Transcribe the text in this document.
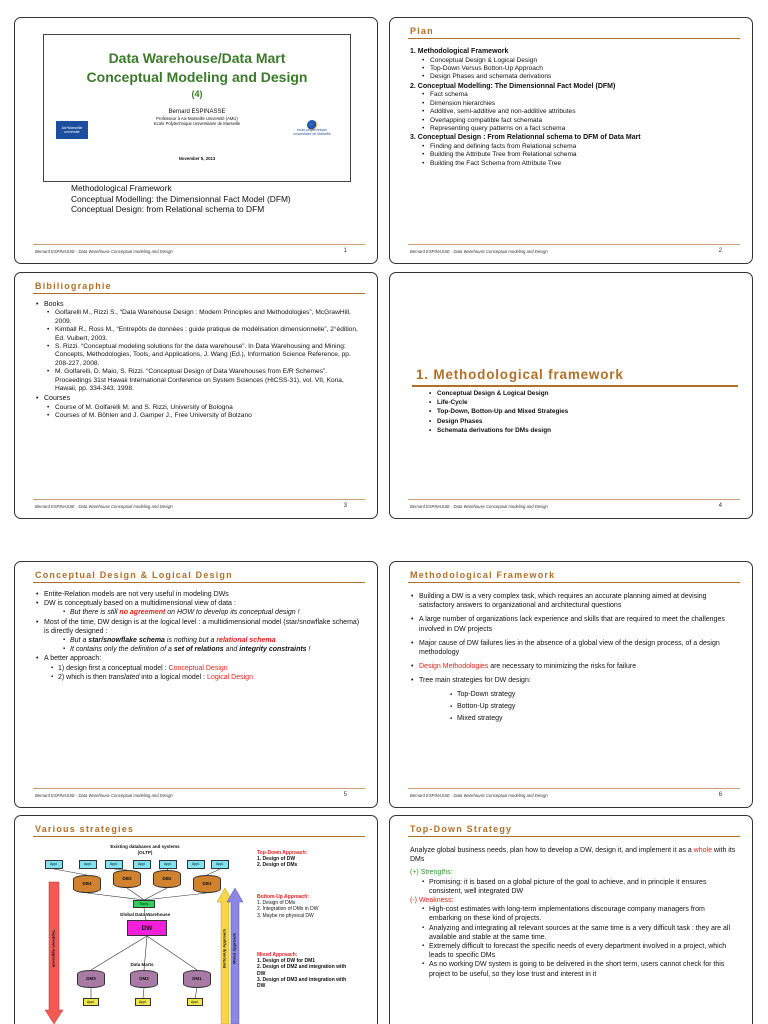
Data Warehouse/Data Mart
Conceptual Modeling and Design
(4)
Bernard ESPINASSE
Professeur à Aix-Marseille Université (AMU)
Ecole Polytechnique Universitaire de Marseille
Aix*Marseille université	école polytechnique universitaire de Marseille
November 5, 2013
Methodological Framework
Conceptual Modelling: the Dimensionnal Fact Model (DFM)
Conceptual Design: from Relational schema to DFM
Bernard ESPINASSE - Data Warehouse Conceptual modeling and Design	1
Plan
1. Methodological Framework
• Conceptual Design & Logical Design
• Top-Down Versus Botton-Up Approach
• Design Phases and schemata derivations
2. Conceptual Modelling: The Dimensionnal Fact Model (DFM)
• Fact schema
• Dimension hierarchies
• Additive, semi-additive and non-additive attributes
• Overlapping compatible fact schemata
• Representing query patterns on a fact schema
3. Conceptual Design : From Relationnal schema to DFM of Data Mart
• Finding and defining facts from Relational schema
• Building the Attribute Tree from Relational schema
• Building the Fact Schema from Attribute Tree
Bernard ESPINASSE - Data Warehouse Conceptual modeling and Design	2
Bibiliographie
• Books
• Golfarelli M., Rizzi S., “Data Warehouse Design : Modern Principles and Methodologies”, McGrawHill, 2009.
• Kimball R., Ross M., “Entrepôts de données : guide pratique de modélisation dimensionnelle”, 2°édition, Ed. Vuibert, 2003.
• S. Rizzi. “Conceptual modeling solutions for the data warehouse”. In Data Warehousing and Mining: Concepts, Methodologies, Tools, and Applications, J. Wang (Ed.), Information Science Reference, pp. 208-227, 2008.
• M. Golfarelli, D. Maio, S. Rizzi. “Conceptual Design of Data Warehouses from E/R Schemes”. Proceedings 31st Hawaii International Conference on System Sciences (HICSS-31), vol. VII, Kona, Hawaii, pp. 334-343, 1998.
• Courses
• Course of M. Golfarelli M. and S. Rizzi, University of Bologna
• Courses of M. Böhlen and J. Gamper J., Free University of Bolzano
Bernard ESPINASSE - Data Warehouse Conceptual modeling and Design	3
1. Methodological framework
• Conceptual Design & Logical Design
• Life-Cycle
• Top-Down, Botton-Up and Mixed Strategies
• Design Phases
• Schemata derivations for DMs design
Bernard ESPINASSE - Data Warehouse Conceptual modeling and Design	4
Conceptual Design & Logical Design
• Entite-Relation models are not very useful in modeling DWs
• DW is conceptualy based on a multidimensional view of data :
▪ But there is still no agreement on HOW to develop its conceptual design !
• Most of the time, DW design is at the logical level : a multidimensional model (star/snowflake schema) is directly designed :
▪ But a star/snowflake schema is nothing but a relational schema
▪ It contains only the definition of a set of relations and integrity constraints !
• A better approach:
▪ 1) design first a conceptual model : Conceptual Design
▪ 2) which is then translated into a logical model : Logical Design
Bernard ESPINASSE - Data Warehouse Conceptual modeling and Design	5
Methodological Framework
• Building a DW is a very complex task, which requires an accurate planning aimed at devising satisfactory answers to organizational and architectural questions
• A large number of organizations lack experience and skills that are required to meet the challenges involved in DW projects
• Major cause of DW failures lies in the absence of a global view of the design process, of a design methodology
• Design Methodologies are necessary to minimizing the risks for failure
• Tree main strategies for DW design:
▪ Top-Down strategy
▪ Botton-Up strategy
▪ Mixed strategy
Bernard ESPINASSE - Data Warehouse Conceptual modeling and Design	6
Various strategies
Existing databases and systems (OLTP)
Appl.	Appl.	Appl.	Appl.	Appl.	Appl.	Appl.
DB4
DB3	DB2
DB1
Trans.
Global Data Warehouse
DW
Data Marts
DM3	DM2	DM1
Appl.	Appl.	Appl.
TopDown Approach	BottomUp Approach Mixed Approach
Top-Down Approach:
1. Design of DW
2. Design of DMs
Bottom-Up Approach:
1. Design of DMs
2. Integration of DMs in DW
3. Maybe no physical DW
Mixed Approach:
1. Design of DW for DM1
2. Design of DM2 and integration with DW
3. Design of DM3 and integration with DW
Top-Down Strategy
Analyze global business needs, plan how to develop a DW, design it, and implement it as a whole with its DMs
(+) Strengths:
▪ Promising: it is based on a global picture of the goal to achieve, and in principle it ensures consistent, well integrated DW
(-) Weakness:
▪ High-cost estimates with long-term implementations discourage company managers from embarking on these kind of projects.
▪ Analyzing and integrating all relevant sources at the same time is a very difficult task : they are all available and stable at the same time.
▪ Extremely difficult to forecast the specific needs of every department involved in a project, which leads to specific DMs
▪ As no working DW system is going to be delivered in the short term, users cannot check for this project to be useful, so they lose trust and interest in it
